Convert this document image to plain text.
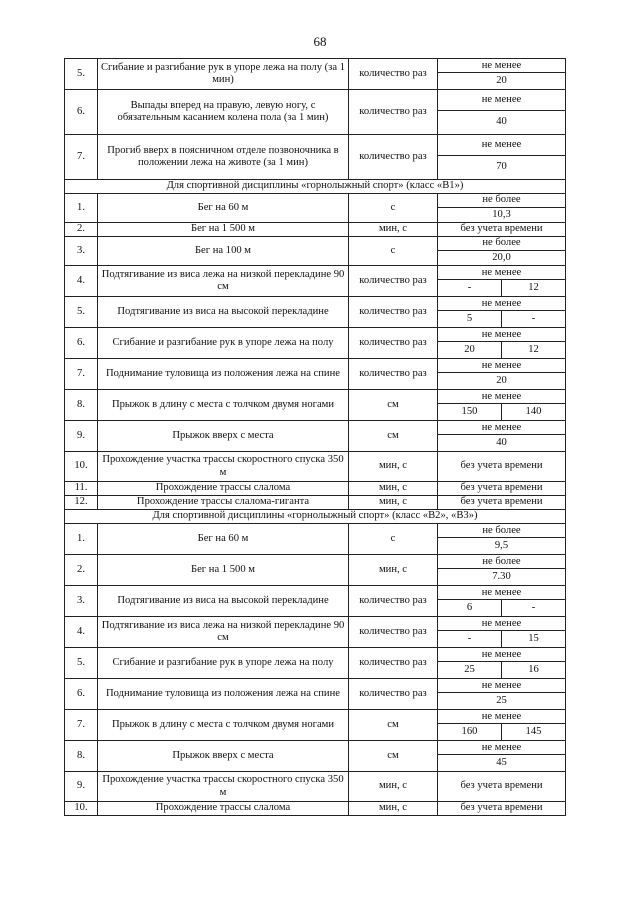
68
5.	Сгибание и разгибание рук в упоре лежа на полу (за 1 мин)	количество раз	не менее
20

6.	Выпады вперед на правую, левую ногу, с обязательным касанием колена пола (за 1 мин)	количество раз	не менее
40

7.	Прогиб вверх в поясничном отделе позвоночника в положении лежа на животе (за 1 мин)	количество раз	не менее
70

Для спортивной дисциплины «горнолыжный спорт» (класс «B1»)			
1.	Бег на 60 м	с	не более
10,3

2.	Бег на 1 500 м	мин, с	без учета времени
3.	Бег на 100 м	с	не более
20,0

4.	Подтягивание из виса лежа на низкой перекладине 90 см	количество раз	не менее
- 12

5.	Подтягивание из виса на высокой перекладине	количество раз	не менее
5 -

6.	Сгибание и разгибание рук в упоре лежа на полу	количество раз	не менее
20 12

7.	Поднимание туловища из положения лежа на спине	количество раз	не менее
20

8.	Прыжок в длину с места с толчком двумя ногами	см	не менее
150 140

9.	Прыжок вверх с места	см	не менее
40

10.	Прохождение участка трассы скоростного спуска 350 м	мин, с	без учета времени
11.	Прохождение трассы слалома	мин, с	без учета времени
12.	Прохождение трассы слалома-гиганта	мин, с	без учета времени
Для спортивной дисциплины «горнолыжный спорт» (класс «B2», «B3»)			
1.	Бег на 60 м	с	не более
9,5

2.	Бег на 1 500 м	мин, с	не более
7.30

3.	Подтягивание из виса на высокой перекладине	количество раз	не менее
6 -

4.	Подтягивание из виса лежа на низкой перекладине 90 см	количество раз	не менее
- 15

5.	Сгибание и разгибание рук в упоре лежа на полу	количество раз	не менее
25 16

6.	Поднимание туловища из положения лежа на спине	количество раз	не менее
25

7.	Прыжок в длину с места с толчком двумя ногами	см	не менее
160 145

8.	Прыжок вверх с места	см	не менее
45

9.	Прохождение участка трассы скоростного спуска 350 м	мин, с	без учета времени
10.	Прохождение трассы слалома	мин, с	без учета времени
